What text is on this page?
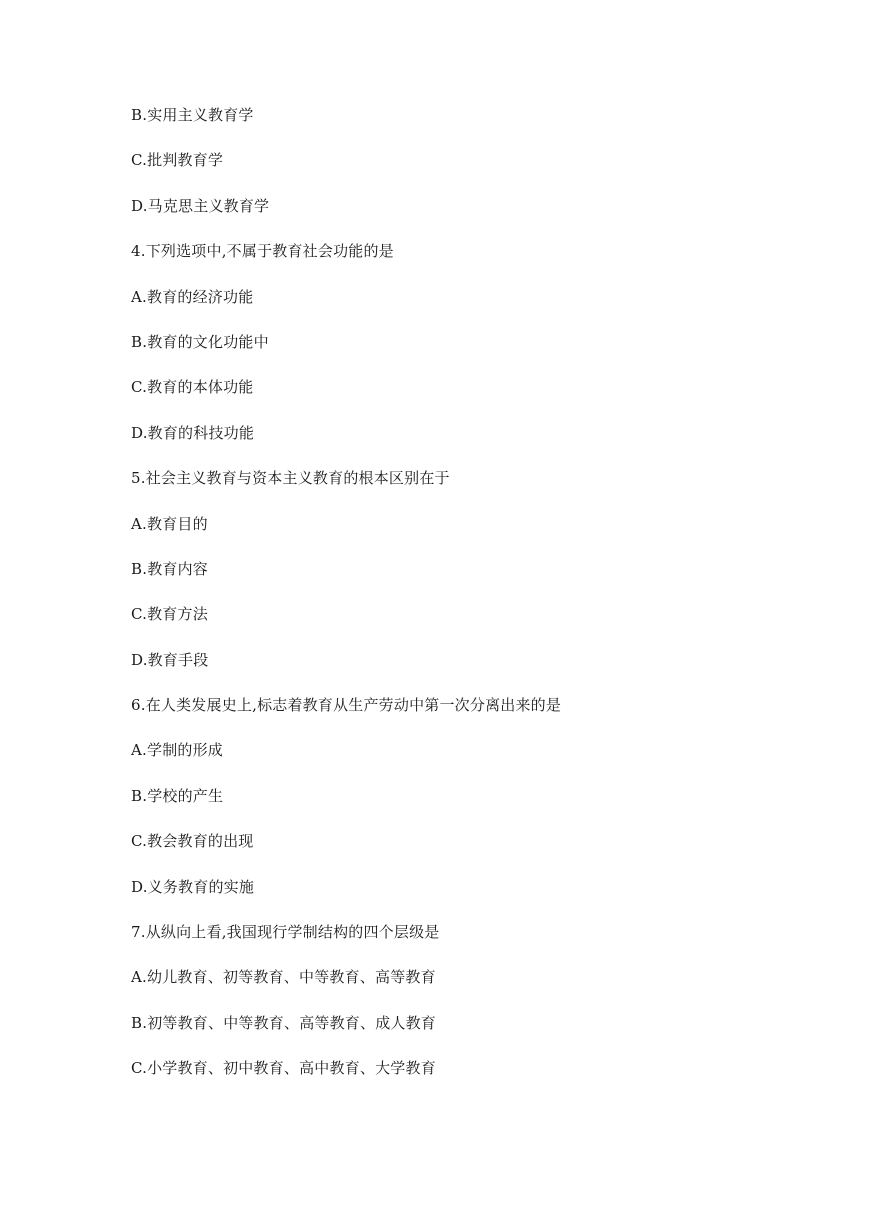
B.实用主义教育学
C.批判教育学
D.马克思主义教育学
4.下列选项中,不属于教育社会功能的是
A.教育的经济功能
B.教育的文化功能中
C.教育的本体功能
D.教育的科技功能
5.社会主义教育与资本主义教育的根本区别在于
A.教育目的
B.教育内容
C.教育方法
D.教育手段
6.在人类发展史上,标志着教育从生产劳动中第一次分离出来的是
A.学制的形成
B.学校的产生
C.教会教育的出现
D.义务教育的实施
7.从纵向上看,我国现行学制结构的四个层级是
A.幼儿教育、初等教育、中等教育、高等教育
B.初等教育、中等教育、高等教育、成人教育
C.小学教育、初中教育、高中教育、大学教育
